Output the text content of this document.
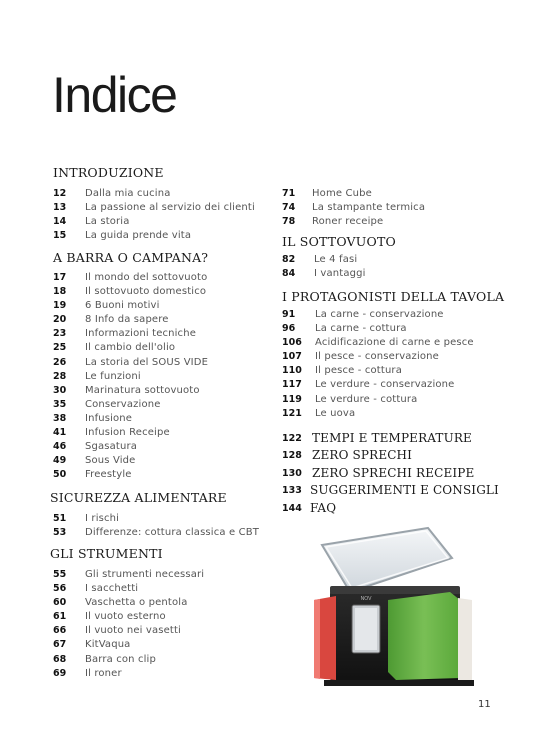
Indice
INTRODUZIONE
12 Dalla mia cucina
13 La passione al servizio dei clienti
14 La storia
15 La guida prende vita
A BARRA O CAMPANA?
17 Il mondo del sottovuoto
18 Il sottovuoto domestico
19 6 Buoni motivi
20 8 Info da sapere
23 Informazioni tecniche
25 Il cambio dell'olio
26 La storia del SOUS VIDE
28 Le funzioni
30 Marinatura sottovuoto
35 Conservazione
38 Infusione
41 Infusion Receipe
46 Sgasatura
49 Sous Vide
50 Freestyle
SICUREZZA ALIMENTARE
51 I rischi
53 Differenze: cottura classica e CBT
GLI STRUMENTI
55 Gli strumenti necessari
56 I sacchetti
60 Vaschetta o pentola
61 Il vuoto esterno
66 Il vuoto nei vasetti
67 KitVaqua
68 Barra con clip
69 Il roner
71 Home Cube
74 La stampante termica
78 Roner receipe
IL SOTTOVUOTO
82 Le 4 fasi
84 I vantaggi
I PROTAGONISTI DELLA TAVOLA
91 La carne - conservazione
96 La carne - cottura
106 Acidificazione di carne e pesce
107 Il pesce - conservazione
110 Il pesce - cottura
117 Le verdure - conservazione
119 Le verdure - cottura
121 Le uova
122 TEMPI E TEMPERATURE
128 ZERO SPRECHI
130 ZERO SPRECHI RECEIPE
133 SUGGERIMENTI E CONSIGLI
144 FAQ
NOV
11
